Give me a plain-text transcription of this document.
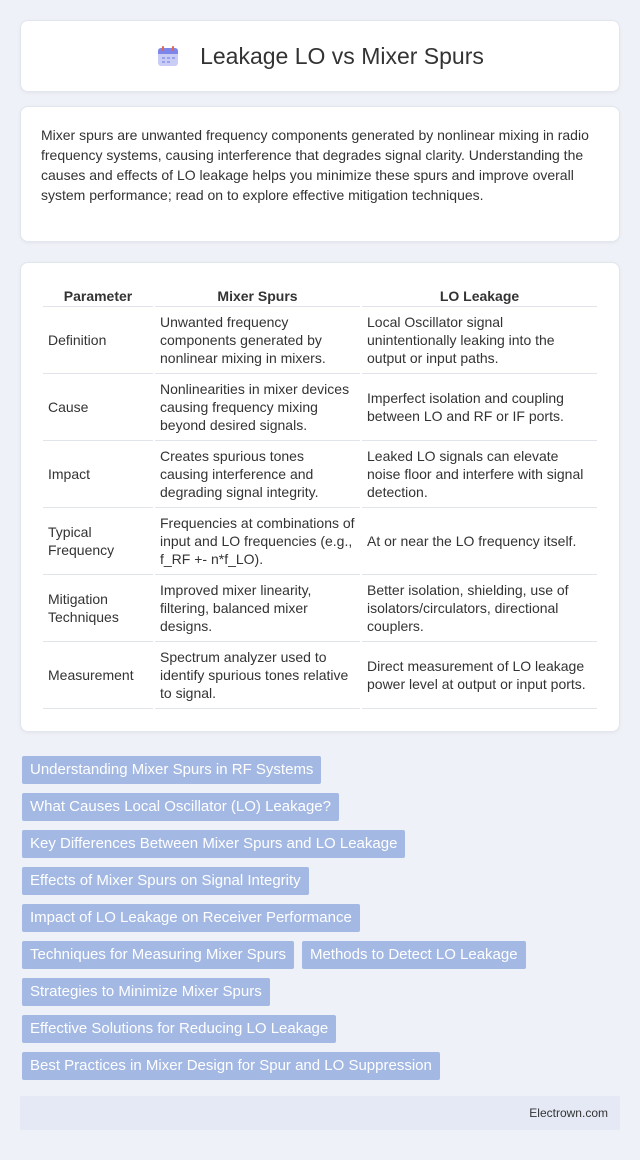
Leakage LO vs Mixer Spurs

Mixer spurs are unwanted frequency components generated by nonlinear mixing in radio frequency systems, causing interference that degrades signal clarity. Understanding the causes and effects of LO leakage helps you minimize these spurs and improve overall system performance; read on to explore effective mitigation techniques.

Parameter	Mixer Spurs	LO Leakage
Definition	Unwanted frequency components generated by nonlinear mixing in mixers.	Local Oscillator signal unintentionally leaking into the output or input paths.
Cause	Nonlinearities in mixer devices causing frequency mixing beyond desired signals.	Imperfect isolation and coupling between LO and RF or IF ports.
Impact	Creates spurious tones causing interference and degrading signal integrity.	Leaked LO signals can elevate noise floor and interfere with signal detection.
Typical Frequency	Frequencies at combinations of input and LO frequencies (e.g., f_RF +- n*f_LO).	At or near the LO frequency itself.
Mitigation Techniques	Improved mixer linearity, filtering, balanced mixer designs.	Better isolation, shielding, use of isolators/circulators, directional couplers.
Measurement	Spectrum analyzer used to identify spurious tones relative to signal.	Direct measurement of LO leakage power level at output or input ports.
Understanding Mixer Spurs in RF Systems
What Causes Local Oscillator (LO) Leakage?
Key Differences Between Mixer Spurs and LO Leakage
Effects of Mixer Spurs on Signal Integrity
Impact of LO Leakage on Receiver Performance
Techniques for Measuring Mixer Spurs	Methods to Detect LO Leakage
Strategies to Minimize Mixer Spurs
Effective Solutions for Reducing LO Leakage
Best Practices in Mixer Design for Spur and LO Suppression
Electrown.com
